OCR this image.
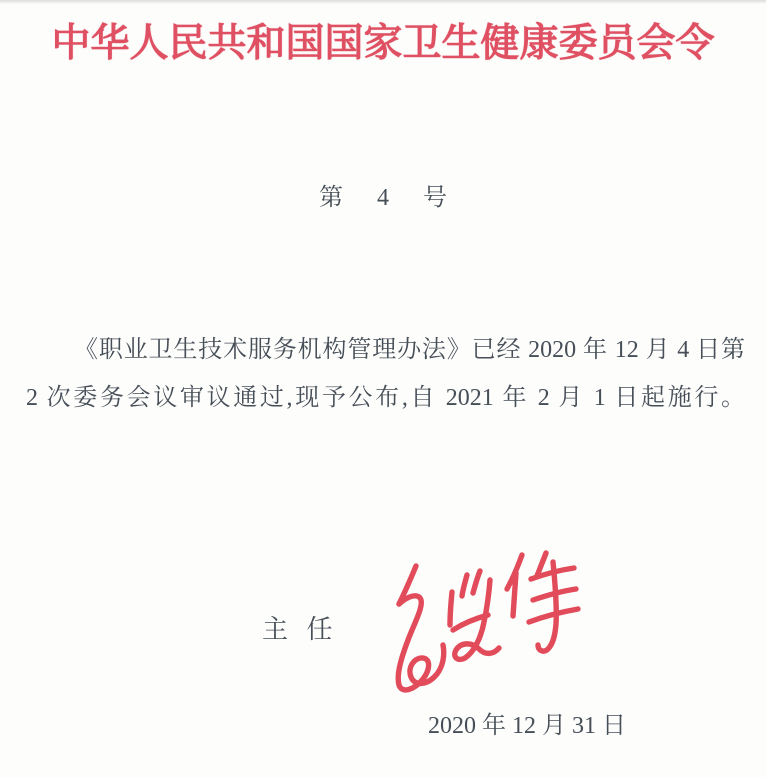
中华人民共和国国家卫生健康委员会令
第 4 号

《职业卫生技术服务机构管理办法》已经 2020 年 12 月 4 日第

2 次委务会议审议通过,现予公布,自 2021 年 2 月 1 日起施行。

主 任
2020 年 12 月 31 日
